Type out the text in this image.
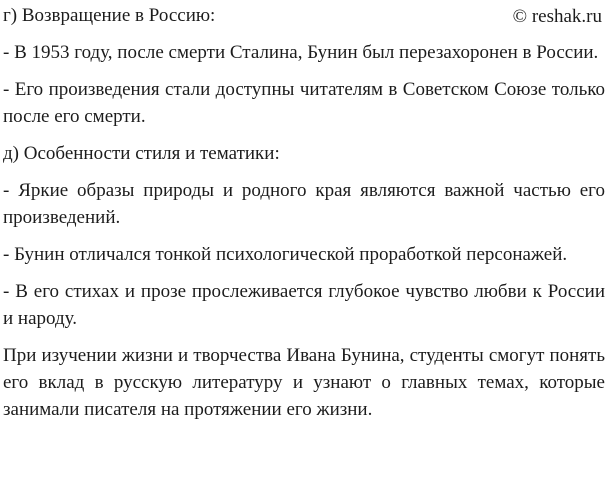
© reshak.ru

г) Возвращение в Россию:

- В 1953 году, после смерти Сталина, Бунин был перезахоронен в России.

- Его произведения стали доступны читателям в Советском Союзе только после его смерти.

д) Особенности стиля и тематики:

- Яркие образы природы и родного края являются важной частью его произведений.

- Бунин отличался тонкой психологической проработкой персонажей.

- В его стихах и прозе прослеживается глубокое чувство любви к России и народу.

При изучении жизни и творчества Ивана Бунина, студенты смогут понять его вклад в русскую литературу и узнают о главных темах, которые занимали писателя на протяжении его жизни.
